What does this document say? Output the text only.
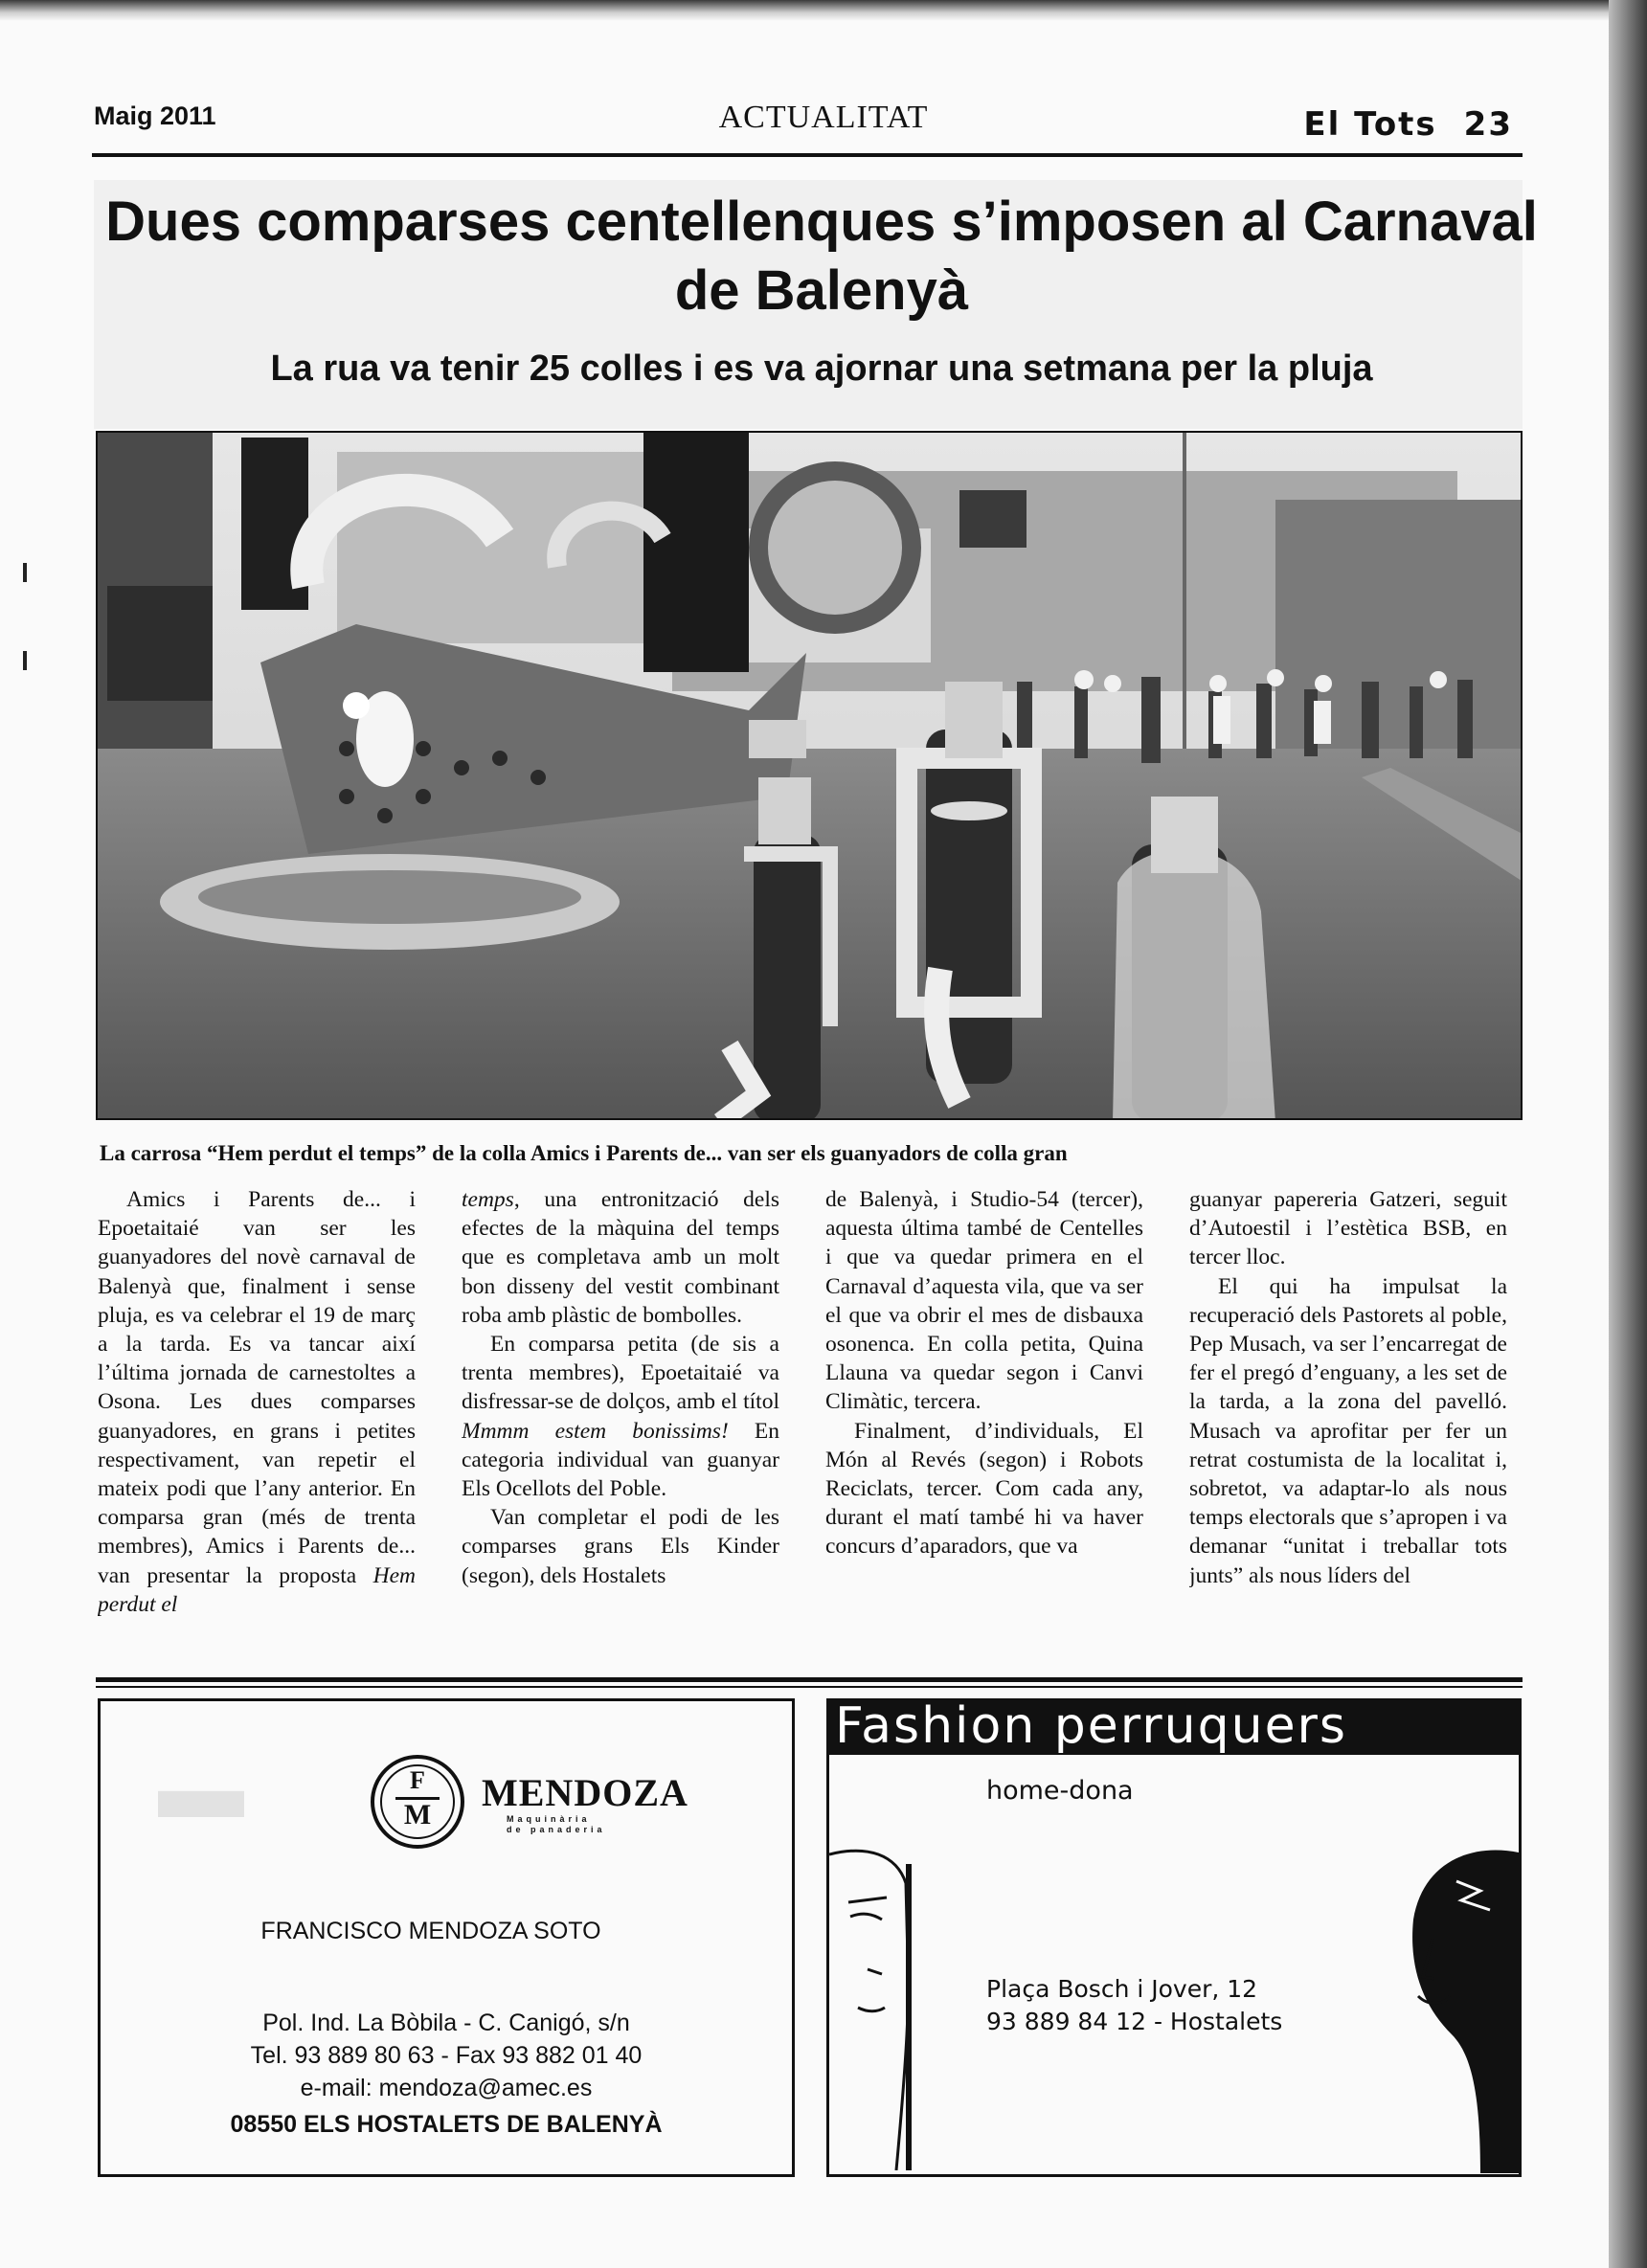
Maig 2011	ACTUALITAT	El Tots 23
Dues comparses centellenques s’imposen al Carnaval de Balenyà
La rua va tenir 25 colles i es va ajornar una setmana per la pluja

La carrosa “Hem perdut el temps” de la colla Amics i Parents de... van ser els guanyadors de colla gran

Amics i Parents de... i Epoetaitaié van ser les guanyadores del novè carnaval de Balenyà que, finalment i sense pluja, es va celebrar el 19 de març a la tarda. Es va tancar així l’última jornada de carnestoltes a Osona. Les dues comparses guanyadores, en grans i petites respectivament, van repetir el mateix podi que l’any anterior. En comparsa gran (més de trenta membres), Amics i Parents de... van presentar la proposta Hem perdut el

temps, una entronització dels efectes de la màquina del temps que es completava amb un molt bon disseny del vestit combinant roba amb plàstic de bombolles.

En comparsa petita (de sis a trenta membres), Epoetaitaié va disfressar-se de dolços, amb el títol Mmmm estem bonissims! En categoria individual van guanyar Els Ocellots del Poble.

Van completar el podi de les comparses grans Els Kinder (segon), dels Hostalets

de Balenyà, i Studio-54 (tercer), aquesta última també de Centelles i que va quedar primera en el Carnaval d’aquesta vila, que va ser el que va obrir el mes de disbauxa osonenca. En colla petita, Quina Llauna va quedar segon i Canvi Climàtic, tercera.

Finalment, d’individuals, El Món al Revés (segon) i Robots Reciclats, tercer. Com cada any, durant el matí també hi va haver concurs d’aparadors, que va

guanyar papereria Gatzeri, seguit d’Autoestil i l’estètica BSB, en tercer lloc.

El qui ha impulsat la recuperació dels Pastorets al poble, Pep Musach, va ser l’encarregat de fer el pregó d’enguany, a les set de la tarda, a la zona del pavelló. Musach va aprofitar per fer un retrat costumista de la localitat i, sobretot, va adaptar-lo als nous temps electorals que s’apropen i va demanar “unitat i treballar tots junts” als nous líders del

▬	F
M
MENDOZA
Maquinària de panaderia
FRANCISCO MENDOZA SOTO
Pol. Ind. La Bòbila - C. Canigó, s/n
Tel. 93 889 80 63 - Fax 93 882 01 40
e-mail: mendoza@amec.es
08550 ELS HOSTALETS DE BALENYÀ
Fashion perruquers
home-dona
Plaça Bosch i Jover, 12
93 889 84 12 - Hostalets
